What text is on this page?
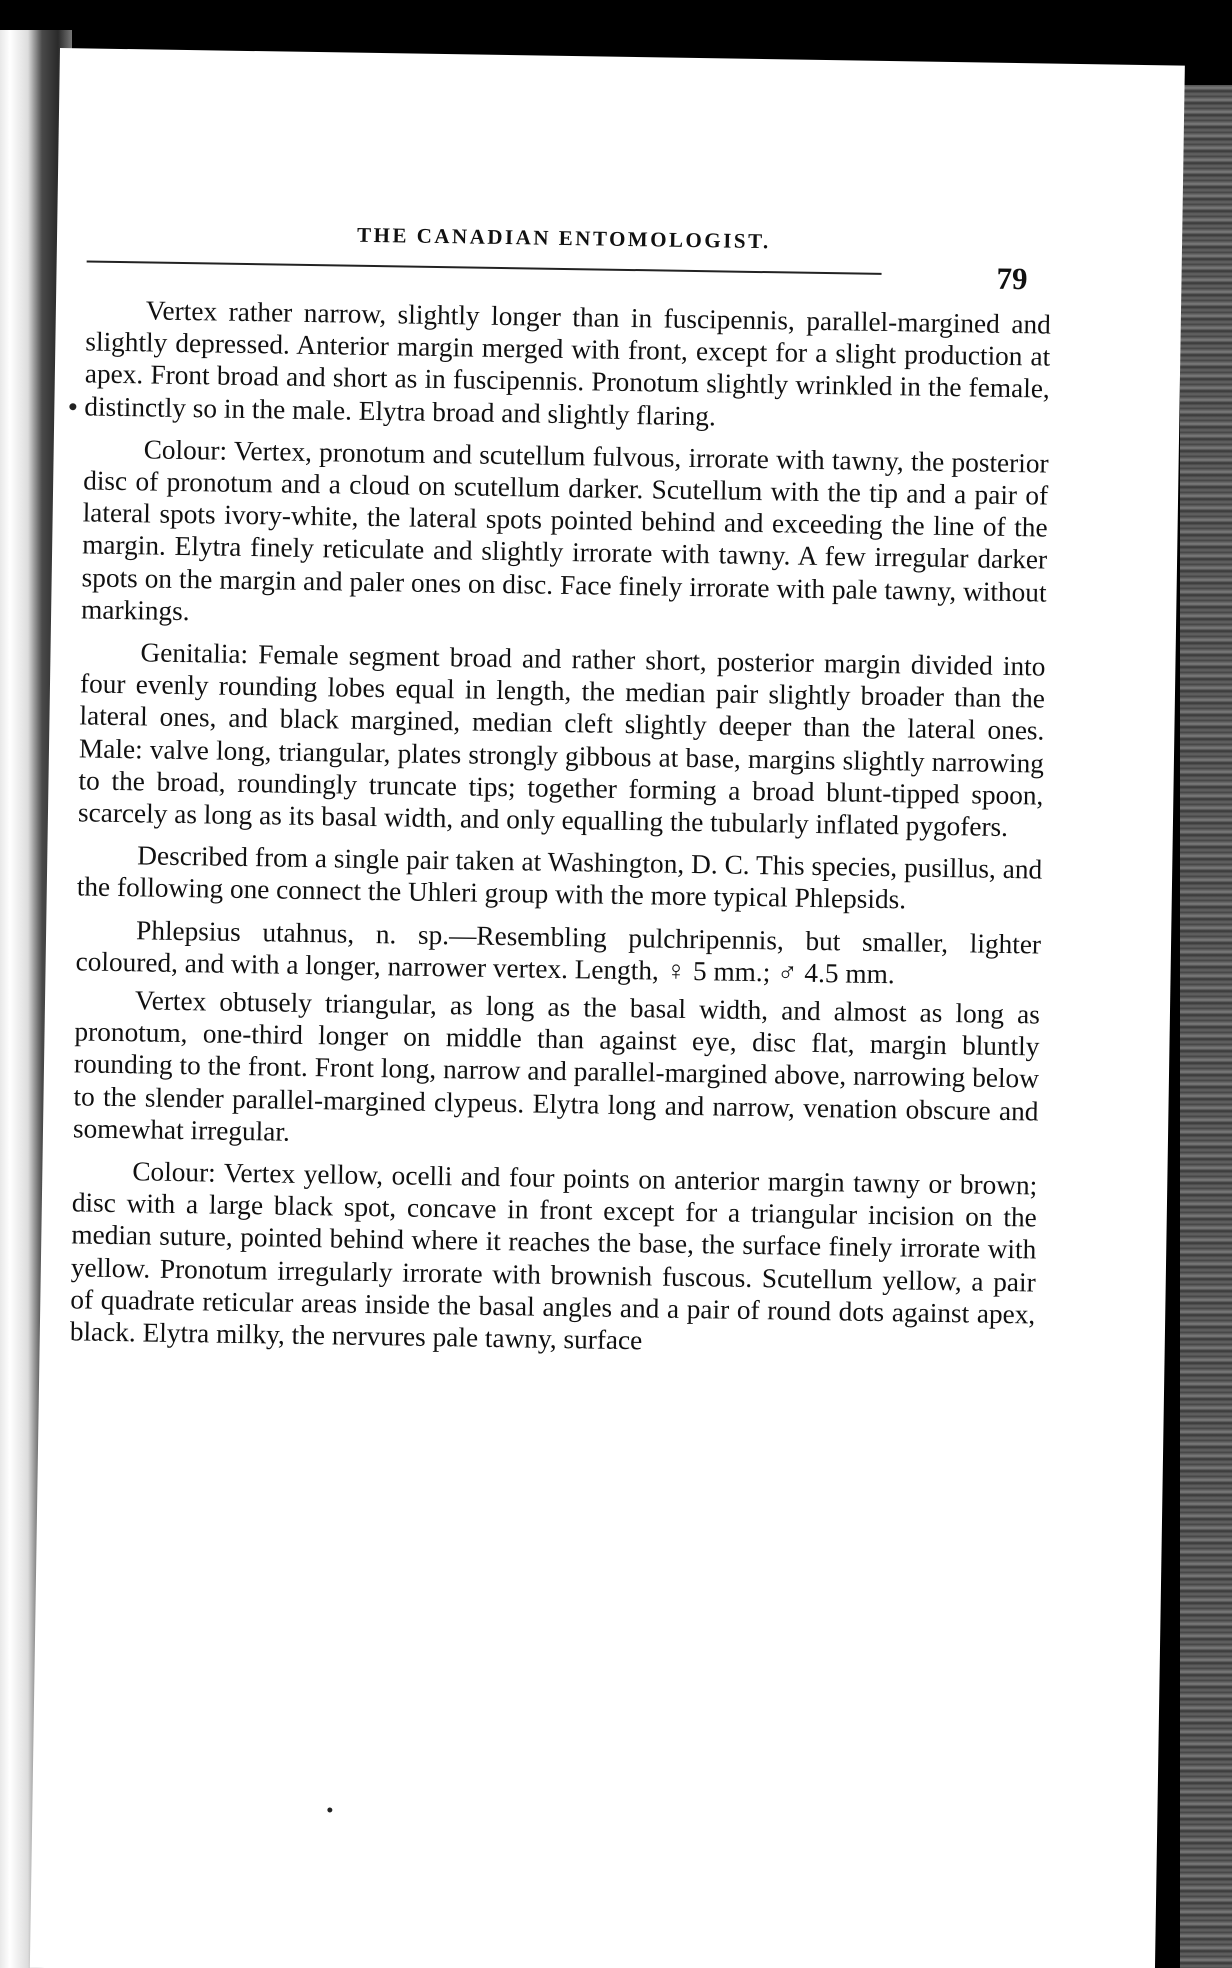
THE CANADIAN ENTOMOLOGIST.
79

Vertex rather narrow, slightly longer than in fuscipennis, parallel-margined and slightly depressed. Anterior margin merged with front, except for a slight production at apex. Front broad and short as in fuscipennis. Pronotum slightly wrinkled in the female, distinctly so in the male. Elytra broad and slightly flaring.

Colour: Vertex, pronotum and scutellum fulvous, irrorate with tawny, the posterior disc of pronotum and a cloud on scutellum darker. Scutellum with the tip and a pair of lateral spots ivory-white, the lateral spots pointed behind and exceeding the line of the margin. Elytra finely reticulate and slightly irrorate with tawny. A few irregular darker spots on the margin and paler ones on disc. Face finely irrorate with pale tawny, without markings.

Genitalia: Female segment broad and rather short, posterior margin divided into four evenly rounding lobes equal in length, the median pair slightly broader than the lateral ones, and black margined, median cleft slightly deeper than the lateral ones. Male: valve long, triangular, plates strongly gibbous at base, margins slightly narrowing to the broad, roundingly truncate tips; together forming a broad blunt-tipped spoon, scarcely as long as its basal width, and only equalling the tubularly inflated pygofers.

Described from a single pair taken at Washington, D. C. This species, pusillus, and the following one connect the Uhleri group with the more typical Phlepsids.

Phlepsius utahnus, n. sp.—Resembling pulchripennis, but smaller, lighter coloured, and with a longer, narrower vertex. Length, ♀ 5 mm.; ♂ 4.5 mm.

Vertex obtusely triangular, as long as the basal width, and almost as long as pronotum, one-third longer on middle than against eye, disc flat, margin bluntly rounding to the front. Front long, narrow and parallel-margined above, narrowing below to the slender parallel-margined clypeus. Elytra long and narrow, venation obscure and somewhat irregular.

Colour: Vertex yellow, ocelli and four points on anterior margin tawny or brown; disc with a large black spot, concave in front except for a triangular incision on the median suture, pointed behind where it reaches the base, the surface finely irrorate with yellow. Pronotum irregularly irrorate with brownish fuscous. Scutellum yellow, a pair of quadrate reticular areas inside the basal angles and a pair of round dots against apex, black. Elytra milky, the nervures pale tawny, surface
